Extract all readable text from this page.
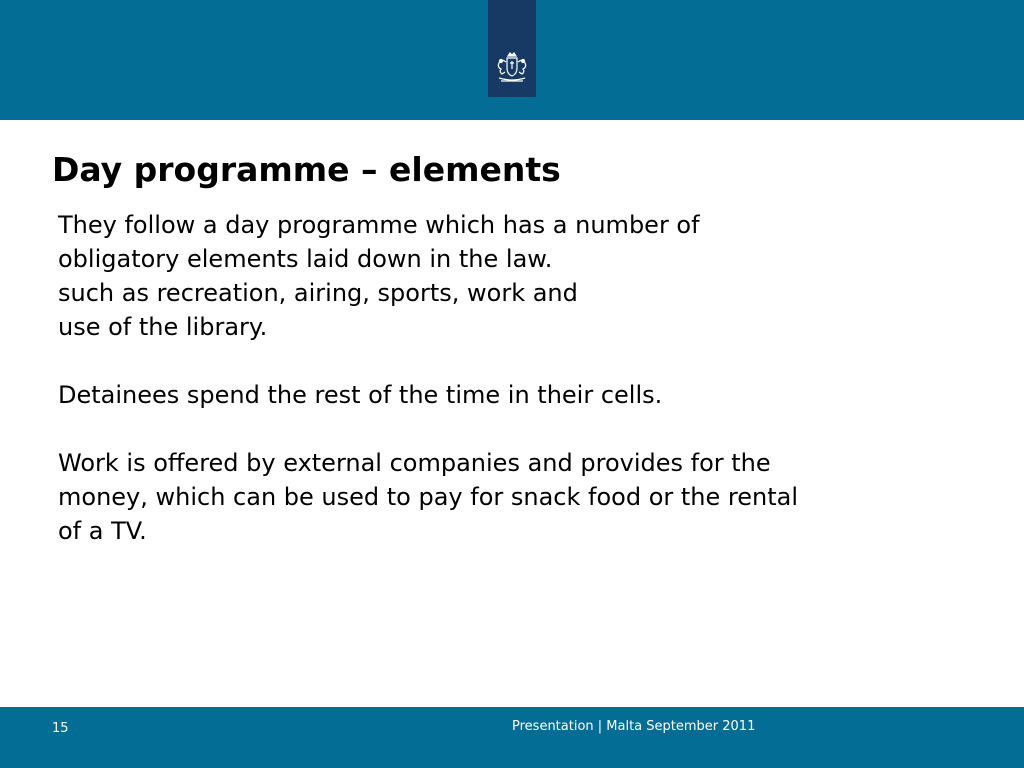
Day programme – elements

They follow a day programme which has a number of
obligatory elements laid down in the law.
such as recreation, airing, sports, work and
use of the library.

Detainees spend the rest of the time in their cells.

Work is offered by external companies and provides for the
money, which can be used to pay for snack food or the rental
of a TV.

15	Presentation | Malta September 2011
